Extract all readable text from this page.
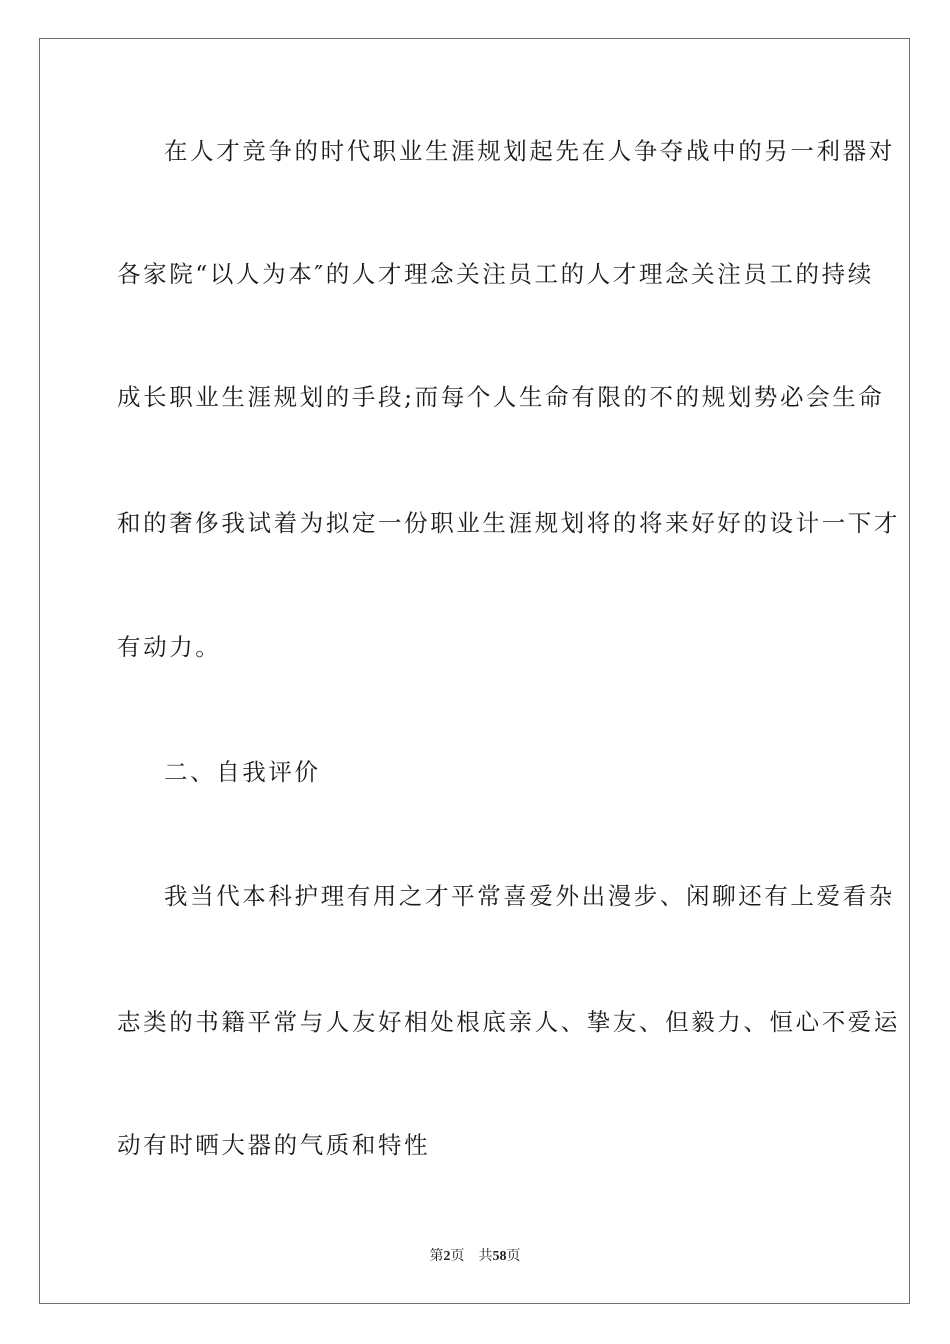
在人才竞争的时代职业生涯规划起先在人争夺战中的另一利器对
各家院“以人为本″的人才理念关注员工的人才理念关注员工的持续
成长职业生涯规划的手段;而每个人生命有限的不的规划势必会生命
和的奢侈我试着为拟定一份职业生涯规划将的将来好好的设计一下才
有动力。
二、自我评价
我当代本科护理有用之才平常喜爱外出漫步、闲聊还有上爱看杂
志类的书籍平常与人友好相处根底亲人、挚友、但毅力、恒心不爱运
动有时晒大器的气质和特性
第2页 共58页
